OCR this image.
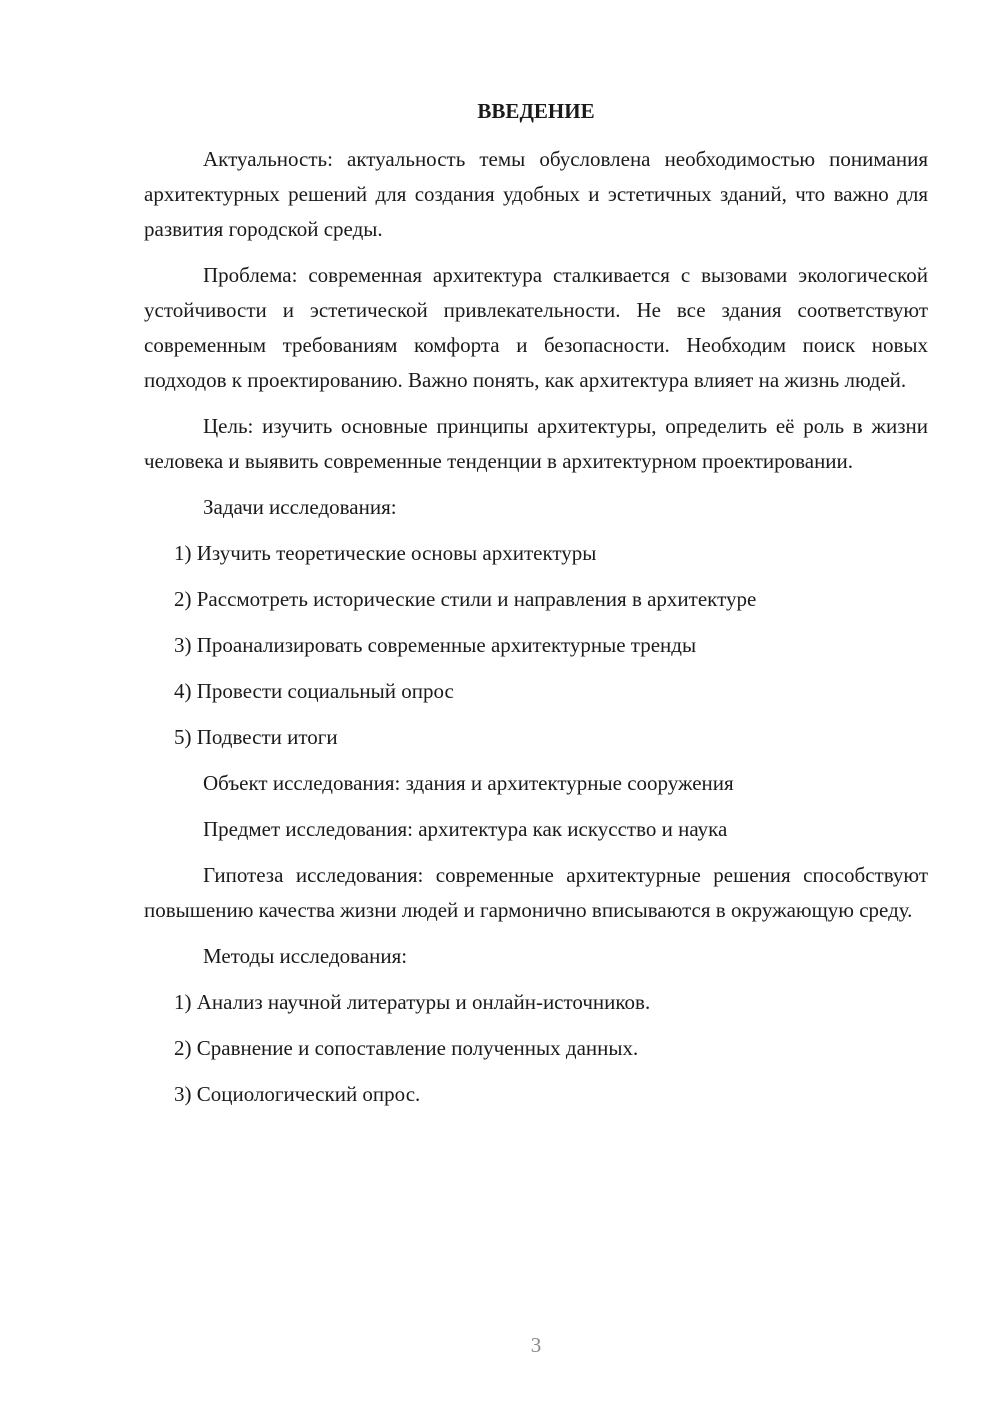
ВВЕДЕНИЕ

Актуальность: актуальность темы обусловлена необходимостью понимания архитектурных решений для создания удобных и эстетичных зданий, что важно для развития городской среды.

Проблема: современная архитектура сталкивается с вызовами экологической устойчивости и эстетической привлекательности. Не все здания соответствуют современным требованиям комфорта и безопасности. Необходим поиск новых подходов к проектированию. Важно понять, как архитектура влияет на жизнь людей.

Цель: изучить основные принципы архитектуры, определить её роль в жизни человека и выявить современные тенденции в архитектурном проектировании.

Задачи исследования:

1) Изучить теоретические основы архитектуры

2) Рассмотреть исторические стили и направления в архитектуре

3) Проанализировать современные архитектурные тренды

4) Провести социальный опрос

5) Подвести итоги

Объект исследования: здания и архитектурные сооружения

Предмет исследования: архитектура как искусство и наука

Гипотеза исследования: современные архитектурные решения способствуют повышению качества жизни людей и гармонично вписываются в окружающую среду.

Методы исследования:

1) Анализ научной литературы и онлайн-источников.

2) Сравнение и сопоставление полученных данных.

3) Социологический опрос.

3
